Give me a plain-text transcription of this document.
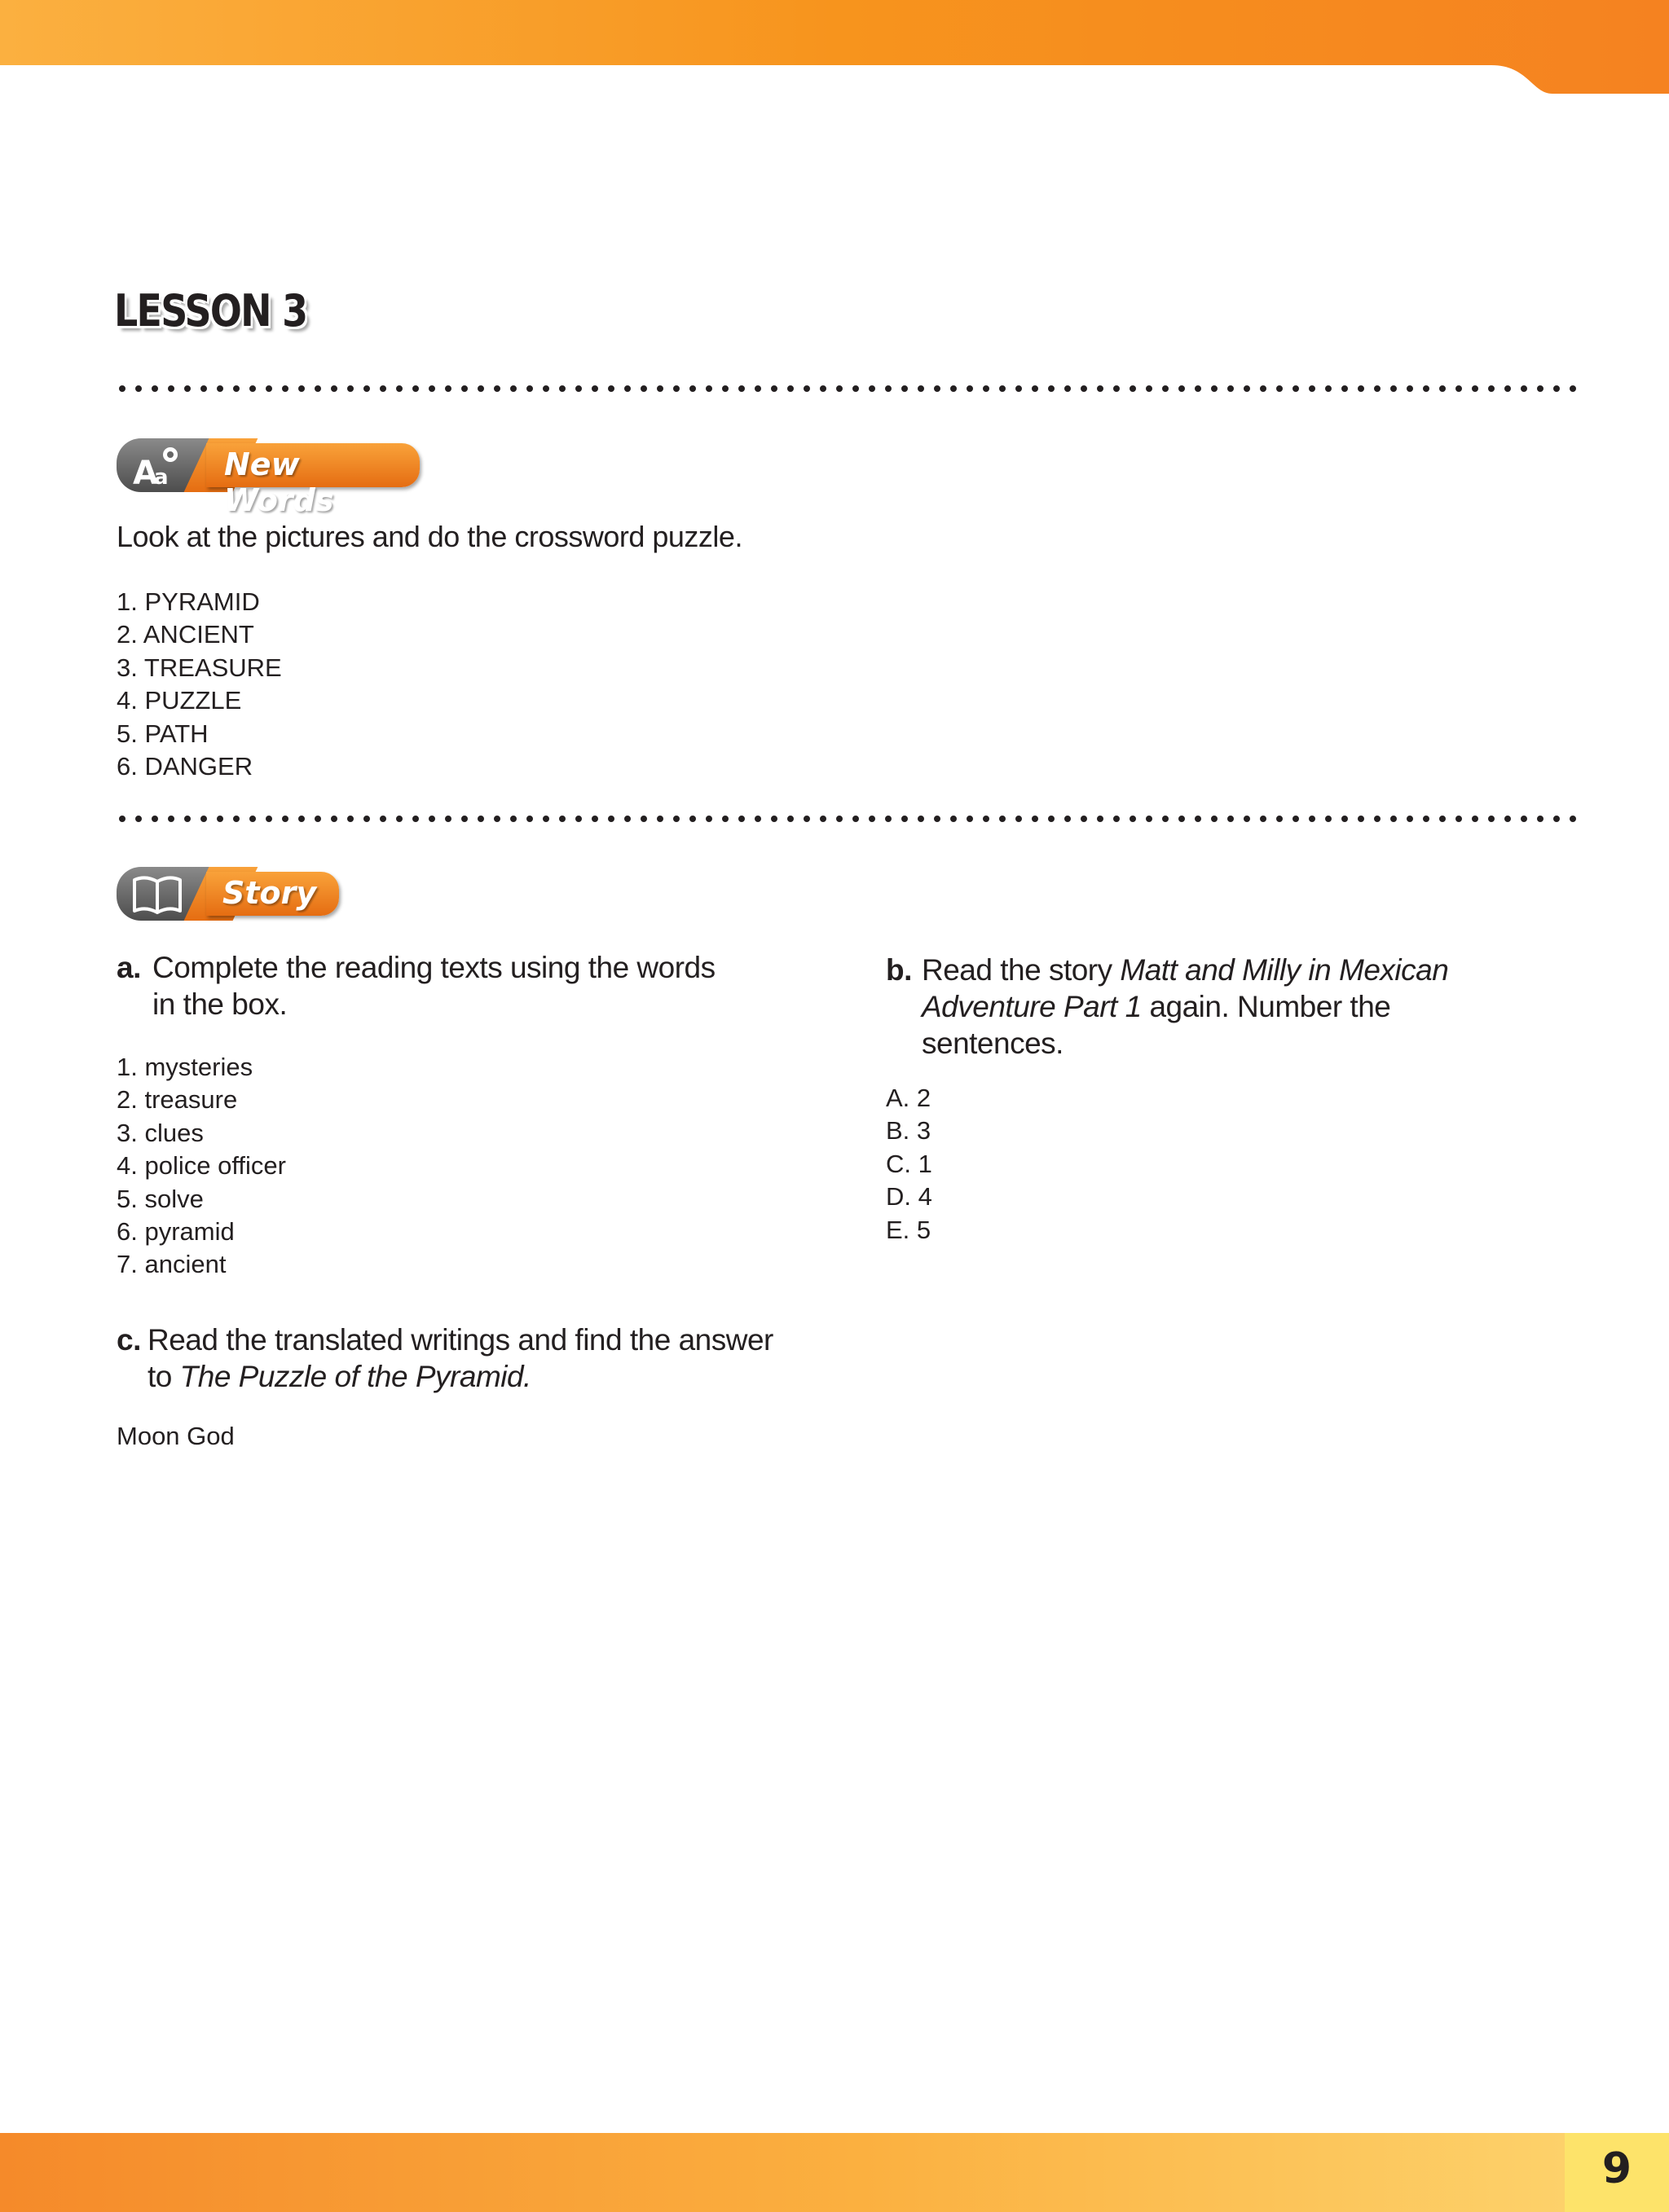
LESSON 3
A
a New Words
Look at the pictures and do the crossword puzzle.
1. PYRAMID
2. ANCIENT
3. TREASURE
4. PUZZLE
5. PATH
6. DANGER
Story
a. Complete the reading texts using the words
in the box.
1. mysteries
2. treasure
3. clues
4. police officer
5. solve
6. pyramid
7. ancient
b. Read the story Matt and Milly in Mexican
Adventure Part 1 again. Number the
sentences.
A. 2
B. 3
C. 1
D. 4
E. 5
c. Read the translated writings and find the answer
to The Puzzle of the Pyramid.
Moon God
9
